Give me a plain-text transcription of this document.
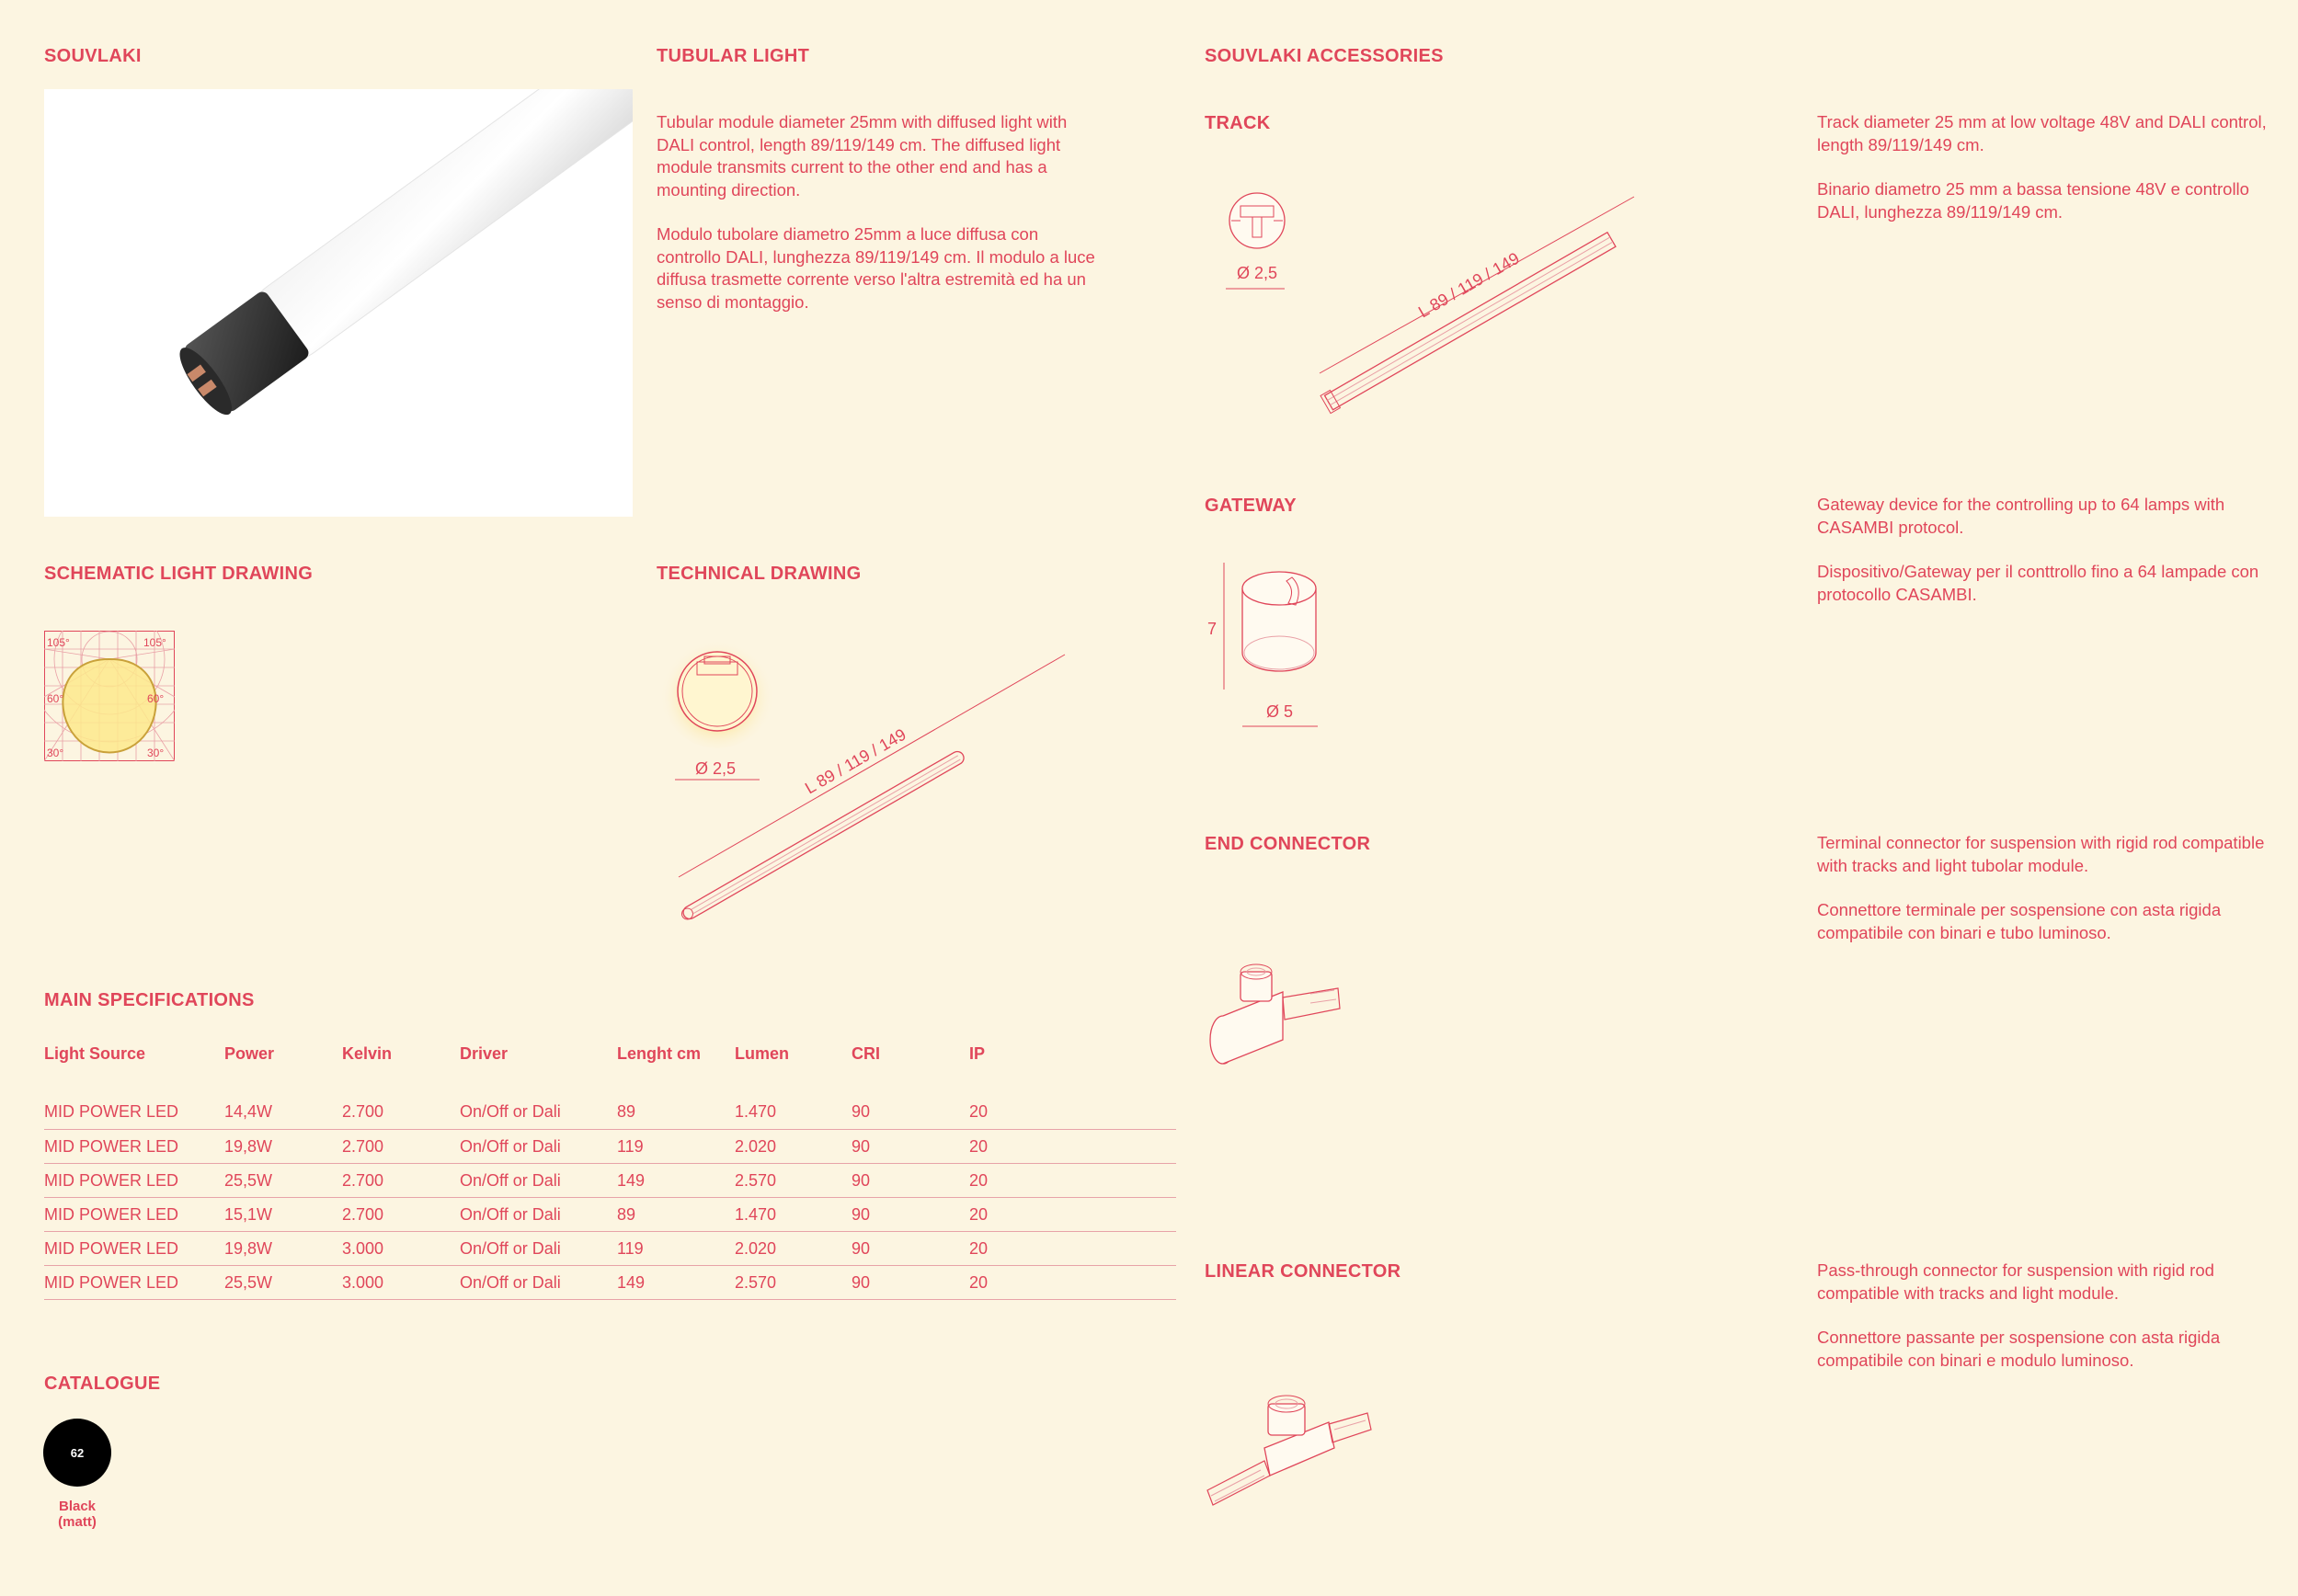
SOUVLAKI	TUBULAR LIGHT
Tubular module diameter 25mm with diffused light with DALI control, length 89/119/149 cm. The diffused light module transmits current to the other end and has a mounting direction.
Modulo tubolare diametro 25mm a luce diffusa con controllo DALI, lunghezza 89/119/149 cm. Il modulo a luce diffusa trasmette corrente verso l'altra estremità ed ha un senso di montaggio.
SCHEMATIC LIGHT DRAWING
105°	105°
60°	60°
30°	30°
TECHNICAL DRAWING
Ø 2,5	L 89 / 119 / 149
MAIN SPECIFICATIONS
Light Source	Power	Kelvin	Driver	Lenght cm	Lumen	CRI	IP
MID POWER LED	14,4W	2.700	On/Off or Dali	89	1.470	90	20
MID POWER LED	19,8W	2.700	On/Off or Dali	119	2.020	90	20
MID POWER LED	25,5W	2.700	On/Off or Dali	149	2.570	90	20
MID POWER LED	15,1W	2.700	On/Off or Dali	89	1.470	90	20
MID POWER LED	19,8W	3.000	On/Off or Dali	119	2.020	90	20
MID POWER LED	25,5W	3.000	On/Off or Dali	149	2.570	90	20
CATALOGUE
62
Black
(matt)
SOUVLAKI ACCESSORIES
TRACK
Ø 2,5	L 89 / 119 / 149
Track diameter 25 mm at low voltage 48V and DALI control, length 89/119/149 cm.
Binario diametro 25 mm a bassa tensione 48V e controllo DALI, lunghezza 89/119/149 cm.
GATEWAY
7
Ø 5
Gateway device for the controlling up to 64 lamps with CASAMBI protocol.
Dispositivo/Gateway per il conttrollo fino a 64 lampade con protocollo CASAMBI.
END CONNECTOR	Terminal connector for suspension with rigid rod compatible with tracks and light tubolar module.
Connettore terminale per sospensione con asta rigida compatibile con binari e tubo luminoso.
LINEAR CONNECTOR	Pass-through connector for suspension with rigid rod compatible with tracks and light module.
Connettore passante per sospensione con asta rigida compatibile con binari e modulo luminoso.
